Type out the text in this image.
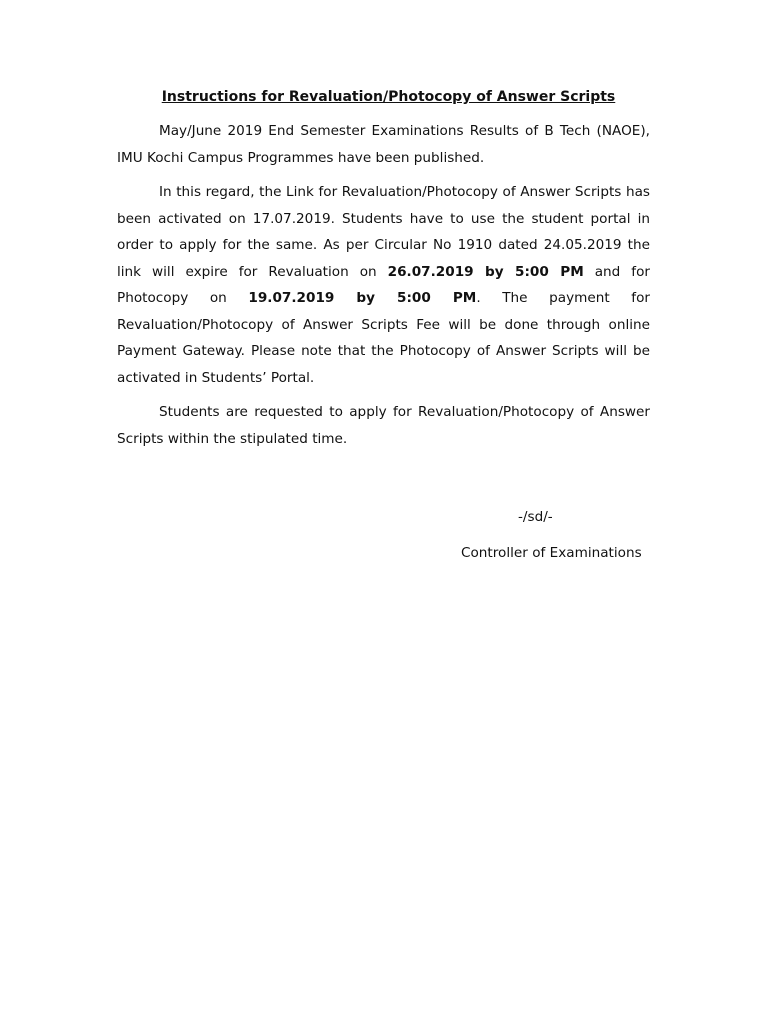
Instructions for Revaluation/Photocopy of Answer Scripts

May/June 2019 End Semester Examinations Results of B Tech (NAOE), IMU Kochi Campus Programmes have been published.

In this regard, the Link for Revaluation/Photocopy of Answer Scripts has been activated on 17.07.2019. Students have to use the student portal in order to apply for the same. As per Circular No 1910 dated 24.05.2019 the link will expire for Revaluation on 26.07.2019 by 5:00 PM and for Photocopy on 19.07.2019 by 5:00 PM. The payment for Revaluation/Photocopy of Answer Scripts Fee will be done through online Payment Gateway. Please note that the Photocopy of Answer Scripts will be activated in Students’ Portal.

Students are requested to apply for Revaluation/Photocopy of Answer Scripts within the stipulated time.

-/sd/-
Controller of Examinations
